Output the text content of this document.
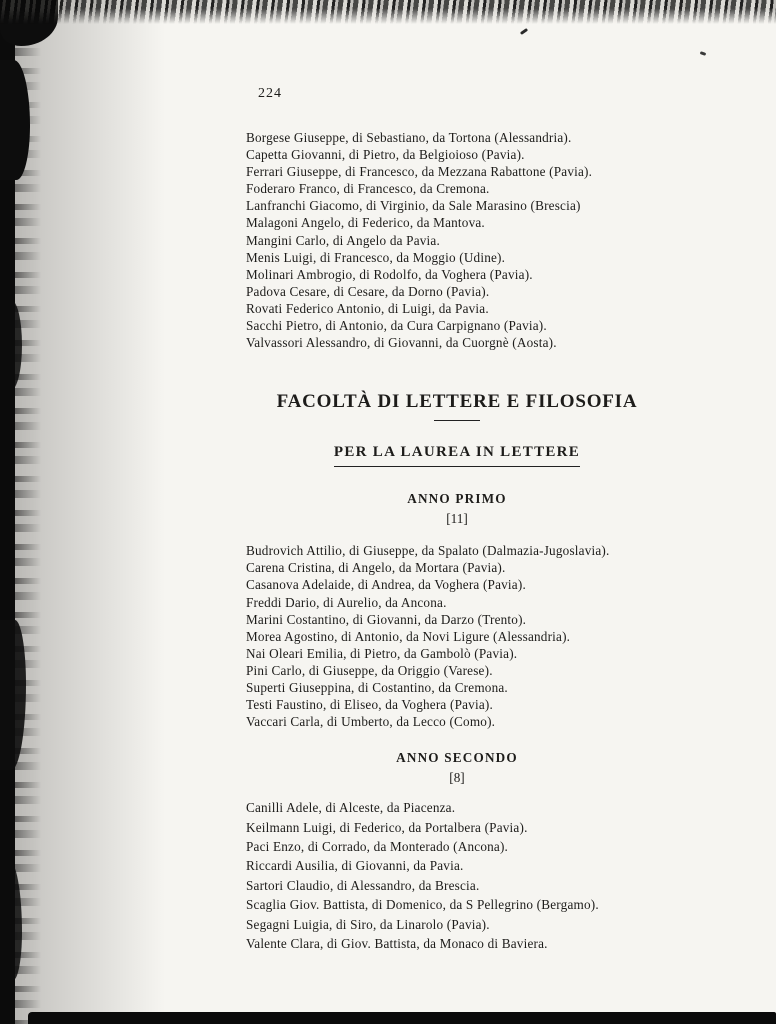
224

Borgese Giuseppe, di Sebastiano, da Tortona (Alessandria).

Capetta Giovanni, di Pietro, da Belgioioso (Pavia).

Ferrari Giuseppe, di Francesco, da Mezzana Rabattone (Pavia).

Foderaro Franco, di Francesco, da Cremona.

Lanfranchi Giacomo, di Virginio, da Sale Marasino (Brescia)

Malagoni Angelo, di Federico, da Mantova.

Mangini Carlo, di Angelo da Pavia.

Menis Luigi, di Francesco, da Moggio (Udine).

Molinari Ambrogio, di Rodolfo, da Voghera (Pavia).

Padova Cesare, di Cesare, da Dorno (Pavia).

Rovati Federico Antonio, di Luigi, da Pavia.

Sacchi Pietro, di Antonio, da Cura Carpignano (Pavia).

Valvassori Alessandro, di Giovanni, da Cuorgnè (Aosta).

FACOLTÀ DI LETTERE E FILOSOFIA
PER LA LAUREA IN LETTERE

ANNO PRIMO

[11]

Budrovich Attilio, di Giuseppe, da Spalato (Dalmazia-Jugoslavia).

Carena Cristina, di Angelo, da Mortara (Pavia).

Casanova Adelaide, di Andrea, da Voghera (Pavia).

Freddi Dario, di Aurelio, da Ancona.

Marini Costantino, di Giovanni, da Darzo (Trento).

Morea Agostino, di Antonio, da Novi Ligure (Alessandria).

Nai Oleari Emilia, di Pietro, da Gambolò (Pavia).

Pini Carlo, di Giuseppe, da Origgio (Varese).

Superti Giuseppina, di Costantino, da Cremona.

Testi Faustino, di Eliseo, da Voghera (Pavia).

Vaccari Carla, di Umberto, da Lecco (Como).

ANNO SECONDO

[8]

Canilli Adele, di Alceste, da Piacenza.

Keilmann Luigi, di Federico, da Portalbera (Pavia).

Paci Enzo, di Corrado, da Monterado (Ancona).

Riccardi Ausilia, di Giovanni, da Pavia.

Sartori Claudio, di Alessandro, da Brescia.

Scaglia Giov. Battista, di Domenico, da S Pellegrino (Bergamo).

Segagni Luigia, di Siro, da Linarolo (Pavia).

Valente Clara, di Giov. Battista, da Monaco di Baviera.
